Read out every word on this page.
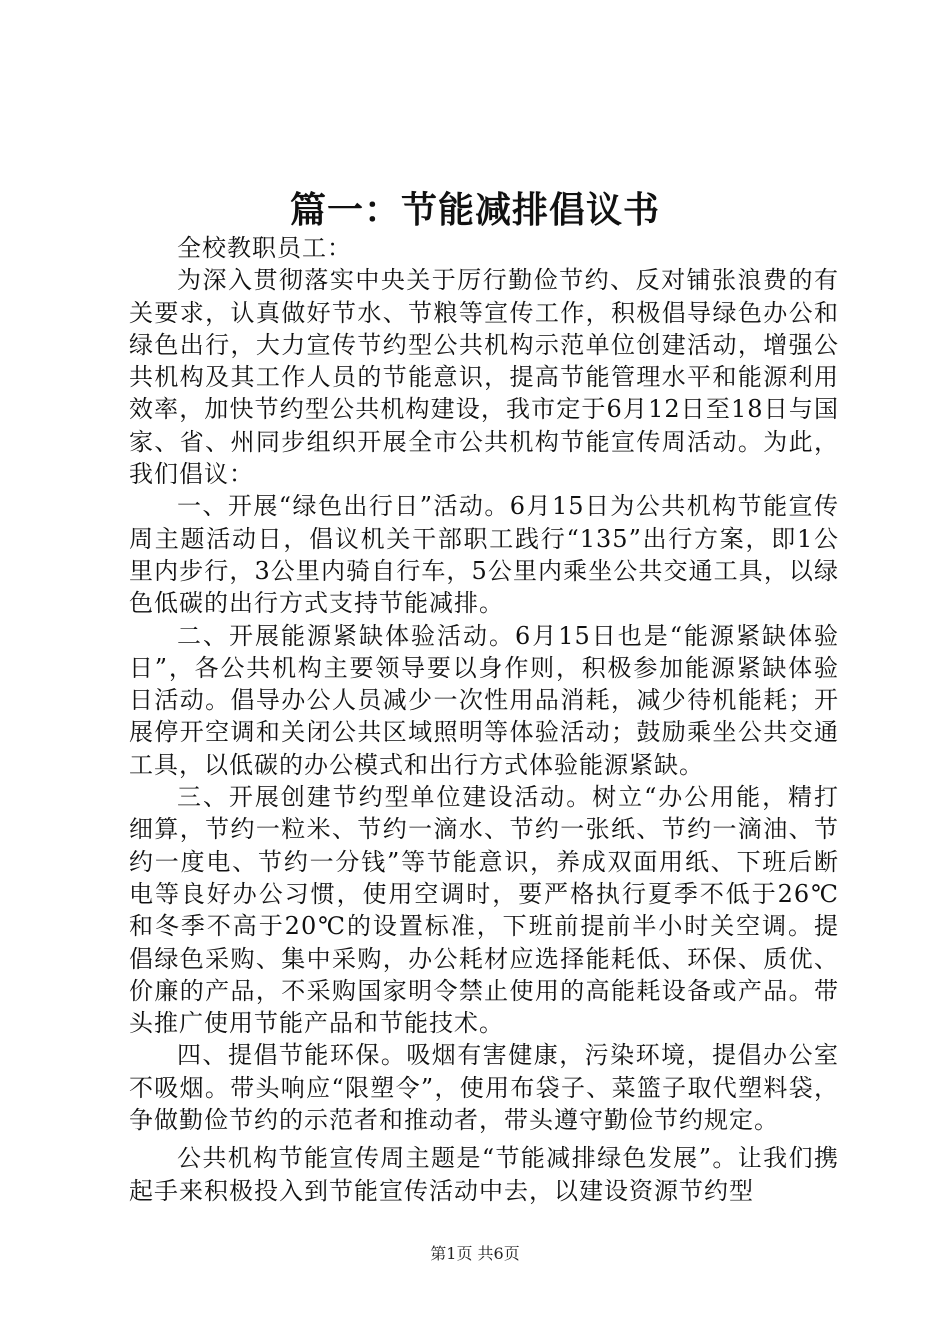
篇一：节能减排倡议书

全校教职员工：

为深入贯彻落实中央关于厉行勤俭节约、反对铺张浪费的有关要求，认真做好节水、节粮等宣传工作，积极倡导绿色办公和绿色出行，大力宣传节约型公共机构示范单位创建活动，增强公共机构及其工作人员的节能意识，提高节能管理水平和能源利用效率，加快节约型公共机构建设，我市定于6月12日至18日与国家、省、州同步组织开展全市公共机构节能宣传周活动。为此，我们倡议：

一、开展“绿色出行日”活动。6月15日为公共机构节能宣传周主题活动日，倡议机关干部职工践行“135”出行方案，即1公里内步行，3公里内骑自行车，5公里内乘坐公共交通工具，以绿色低碳的出行方式支持节能减排。

二、开展能源紧缺体验活动。6月15日也是“能源紧缺体验日”，各公共机构主要领导要以身作则，积极参加能源紧缺体验日活动。倡导办公人员减少一次性用品消耗，减少待机能耗；开展停开空调和关闭公共区域照明等体验活动；鼓励乘坐公共交通工具，以低碳的办公模式和出行方式体验能源紧缺。

三、开展创建节约型单位建设活动。树立“办公用能，精打细算，节约一粒米、节约一滴水、节约一张纸、节约一滴油、节约一度电、节约一分钱”等节能意识，养成双面用纸、下班后断电等良好办公习惯，使用空调时，要严格执行夏季不低于26℃和冬季不高于20℃的设置标准，下班前提前半小时关空调。提倡绿色采购、集中采购，办公耗材应选择能耗低、环保、质优、价廉的产品，不采购国家明令禁止使用的高能耗设备或产品。带头推广使用节能产品和节能技术。

四、提倡节能环保。吸烟有害健康，污染环境，提倡办公室不吸烟。带头响应“限塑令”，使用布袋子、菜篮子取代塑料袋，争做勤俭节约的示范者和推动者，带头遵守勤俭节约规定。

公共机构节能宣传周主题是“节能减排绿色发展”。让我们携起手来积极投入到节能宣传活动中去，以建设资源节约型

第1页 共6页
